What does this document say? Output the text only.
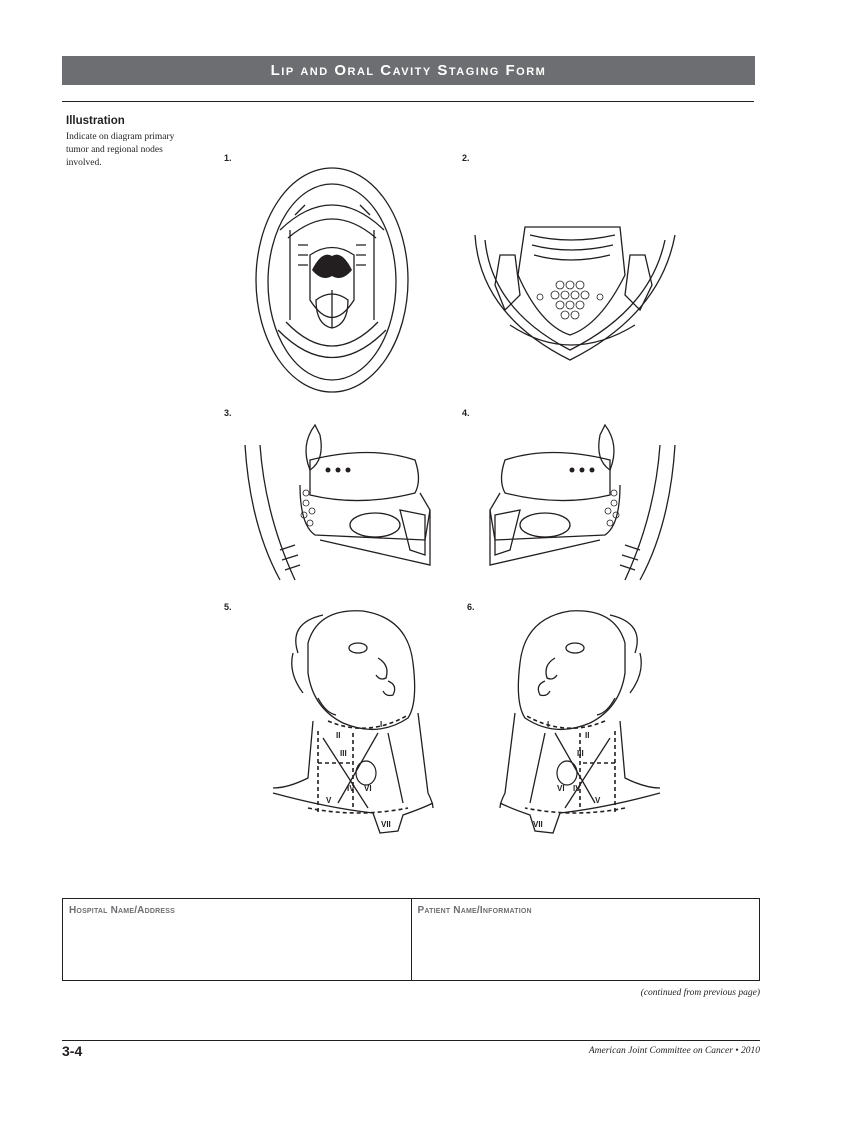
Lip and Oral Cavity Staging Form
Illustration
Indicate on diagram primary tumor and regional nodes involved.	1.	2.
3.	4.
5.
I
II
III
IV
V
VI
VII
6.
I
II
III
IV
V
VI
VII
Hospital Name/Address	Patient Name/Information
(continued from previous page)
3-4	American Joint Committee on Cancer • 2010
